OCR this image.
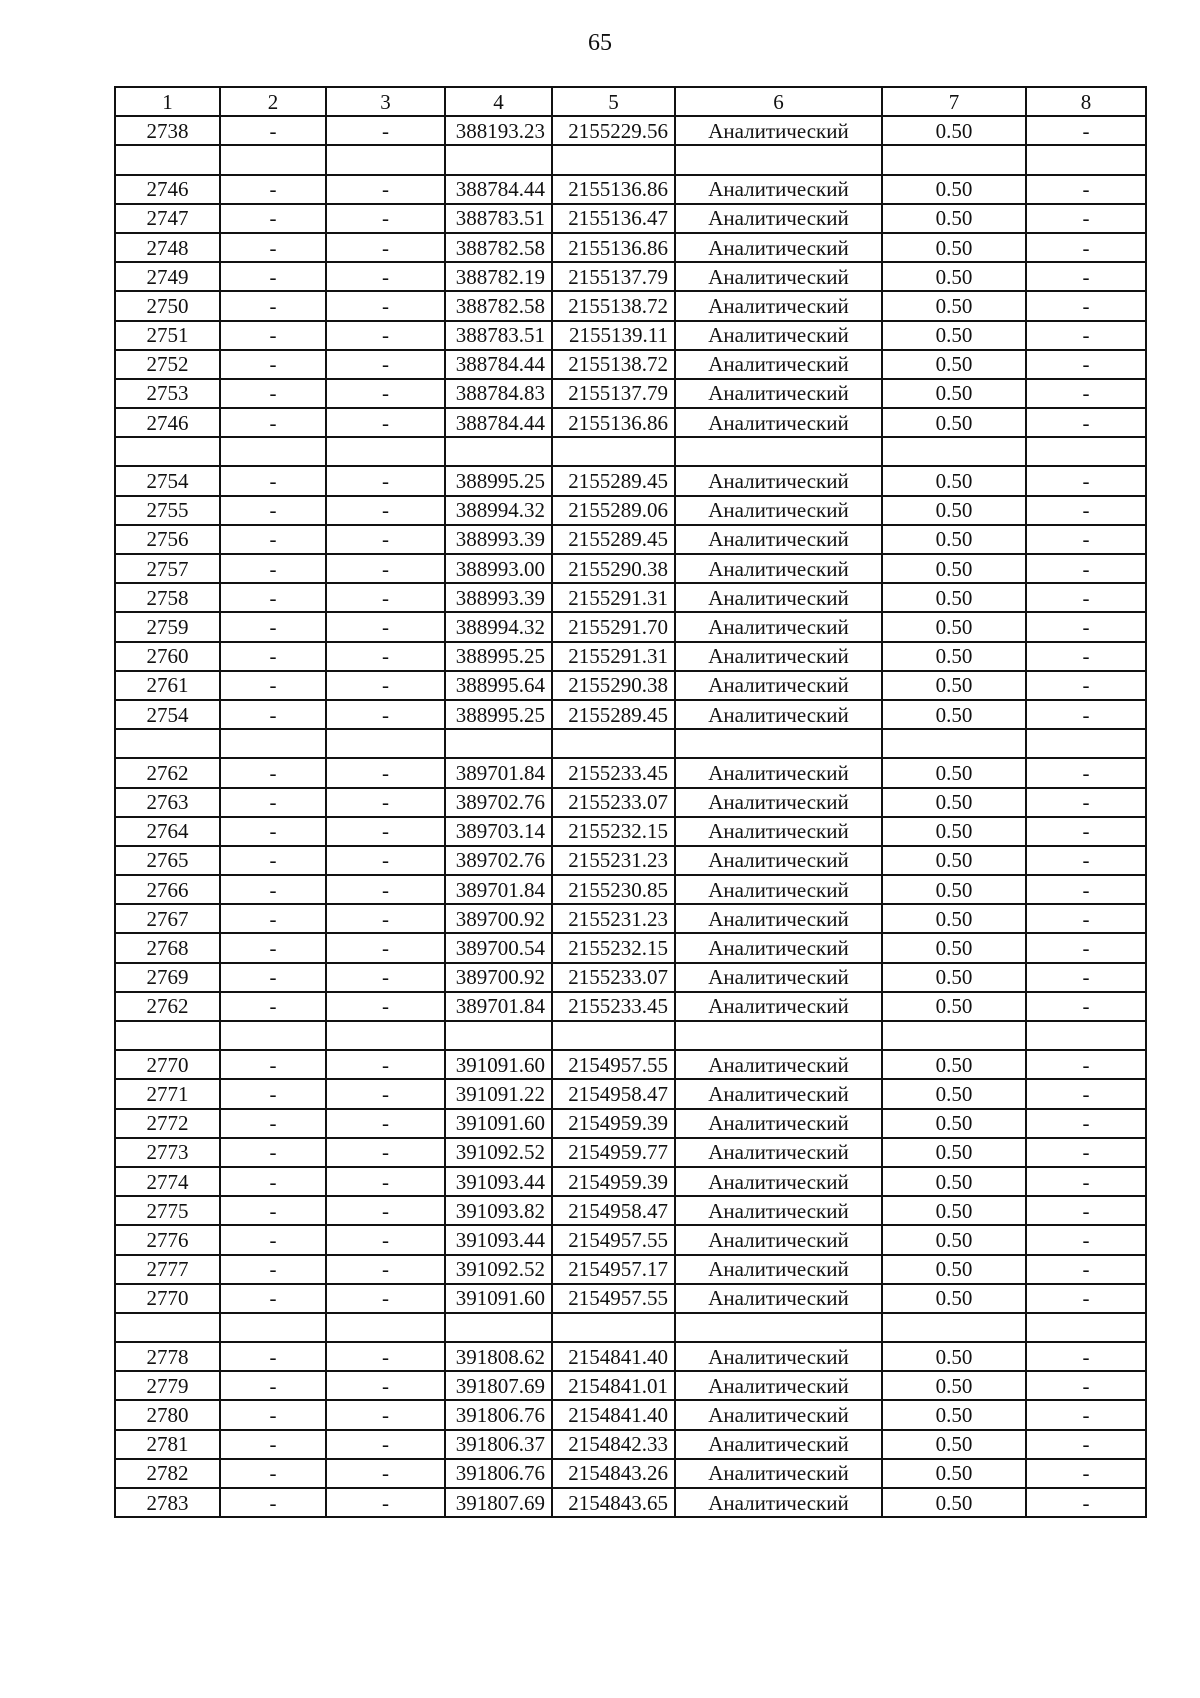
65
1	2	3	4	5	6	7	8
2738	-	-	388193.23	2155229.56	Аналитический	0.50	-

2746	-	-	388784.44	2155136.86	Аналитический	0.50	-
2747	-	-	388783.51	2155136.47	Аналитический	0.50	-
2748	-	-	388782.58	2155136.86	Аналитический	0.50	-
2749	-	-	388782.19	2155137.79	Аналитический	0.50	-
2750	-	-	388782.58	2155138.72	Аналитический	0.50	-
2751	-	-	388783.51	2155139.11	Аналитический	0.50	-
2752	-	-	388784.44	2155138.72	Аналитический	0.50	-
2753	-	-	388784.83	2155137.79	Аналитический	0.50	-
2746	-	-	388784.44	2155136.86	Аналитический	0.50	-

2754	-	-	388995.25	2155289.45	Аналитический	0.50	-
2755	-	-	388994.32	2155289.06	Аналитический	0.50	-
2756	-	-	388993.39	2155289.45	Аналитический	0.50	-
2757	-	-	388993.00	2155290.38	Аналитический	0.50	-
2758	-	-	388993.39	2155291.31	Аналитический	0.50	-
2759	-	-	388994.32	2155291.70	Аналитический	0.50	-
2760	-	-	388995.25	2155291.31	Аналитический	0.50	-
2761	-	-	388995.64	2155290.38	Аналитический	0.50	-
2754	-	-	388995.25	2155289.45	Аналитический	0.50	-

2762	-	-	389701.84	2155233.45	Аналитический	0.50	-
2763	-	-	389702.76	2155233.07	Аналитический	0.50	-
2764	-	-	389703.14	2155232.15	Аналитический	0.50	-
2765	-	-	389702.76	2155231.23	Аналитический	0.50	-
2766	-	-	389701.84	2155230.85	Аналитический	0.50	-
2767	-	-	389700.92	2155231.23	Аналитический	0.50	-
2768	-	-	389700.54	2155232.15	Аналитический	0.50	-
2769	-	-	389700.92	2155233.07	Аналитический	0.50	-
2762	-	-	389701.84	2155233.45	Аналитический	0.50	-

2770	-	-	391091.60	2154957.55	Аналитический	0.50	-
2771	-	-	391091.22	2154958.47	Аналитический	0.50	-
2772	-	-	391091.60	2154959.39	Аналитический	0.50	-
2773	-	-	391092.52	2154959.77	Аналитический	0.50	-
2774	-	-	391093.44	2154959.39	Аналитический	0.50	-
2775	-	-	391093.82	2154958.47	Аналитический	0.50	-
2776	-	-	391093.44	2154957.55	Аналитический	0.50	-
2777	-	-	391092.52	2154957.17	Аналитический	0.50	-
2770	-	-	391091.60	2154957.55	Аналитический	0.50	-

2778	-	-	391808.62	2154841.40	Аналитический	0.50	-
2779	-	-	391807.69	2154841.01	Аналитический	0.50	-
2780	-	-	391806.76	2154841.40	Аналитический	0.50	-
2781	-	-	391806.37	2154842.33	Аналитический	0.50	-
2782	-	-	391806.76	2154843.26	Аналитический	0.50	-
2783	-	-	391807.69	2154843.65	Аналитический	0.50	-
